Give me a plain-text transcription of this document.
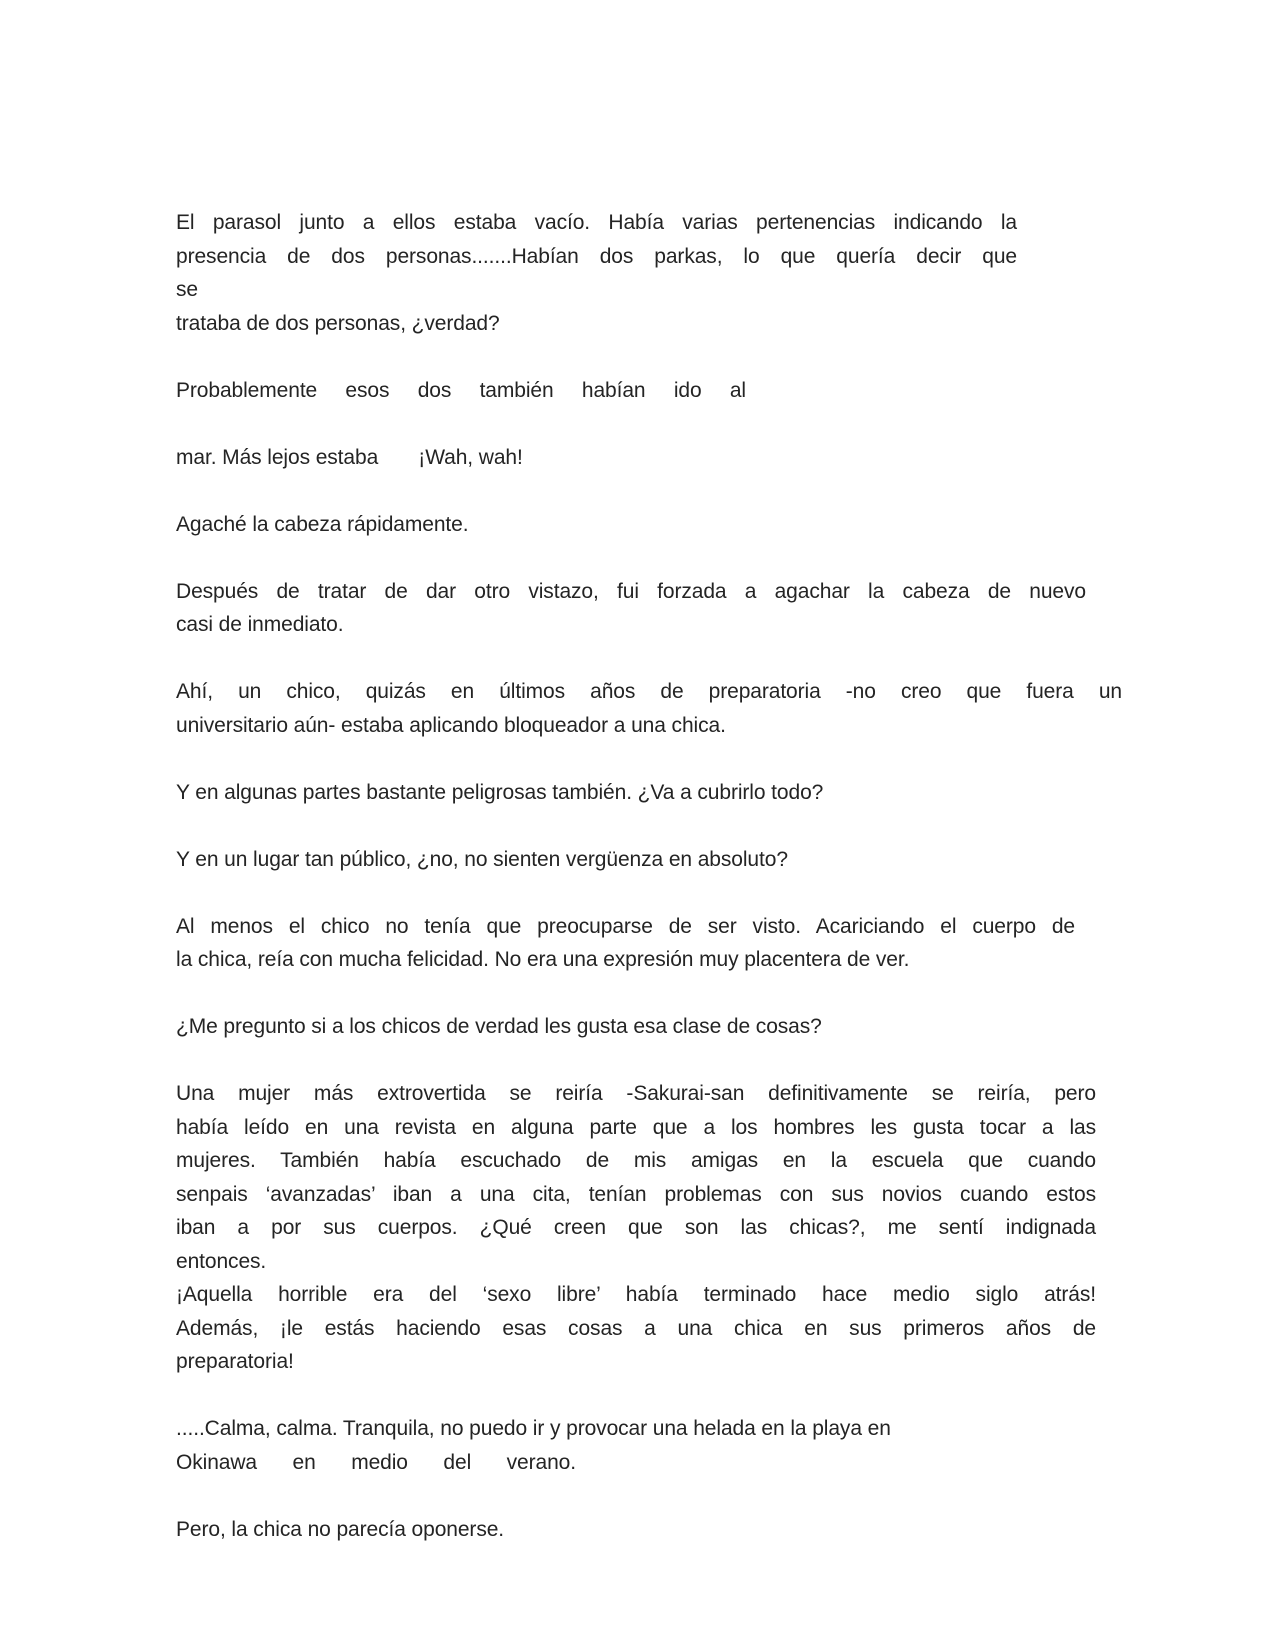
El parasol junto a ellos estaba vacío. Había varias pertenencias indicando la
presencia de dos personas.......Habían dos parkas, lo que quería decir que
se
trataba de dos personas, ¿verdad?
Probablemente esos dos también habían ido al
mar. Más lejos estaba       ¡Wah, wah!
Agaché la cabeza rápidamente.
Después de tratar de dar otro vistazo, fui forzada a agachar la cabeza de nuevo
casi de inmediato.
Ahí, un chico, quizás en últimos años de preparatoria -no creo que fuera un
universitario aún- estaba aplicando bloqueador a una chica.
Y en algunas partes bastante peligrosas también. ¿Va a cubrirlo todo?
Y en un lugar tan público, ¿no, no sienten vergüenza en absoluto?
Al menos el chico no tenía que preocuparse de ser visto. Acariciando el cuerpo de
la chica, reía con mucha felicidad. No era una expresión muy placentera de ver.
¿Me pregunto si a los chicos de verdad les gusta esa clase de cosas?
Una mujer más extrovertida se reiría -Sakurai-san definitivamente se reiría, pero
había leído en una revista en alguna parte que a los hombres les gusta tocar a las
mujeres. También había escuchado de mis amigas en la escuela que cuando
senpais ‘avanzadas’ iban a una cita, tenían problemas con sus novios cuando estos
iban a por sus cuerpos. ¿Qué creen que son las chicas?, me sentí indignada
entonces.
¡Aquella horrible era del ‘sexo libre’ había terminado hace medio siglo atrás!
Además, ¡le estás haciendo esas cosas a una chica en sus primeros años de
preparatoria!
.....Calma, calma. Tranquila, no puedo ir y provocar una helada en la playa en
Okinawa en medio del verano.
Pero, la chica no parecía oponerse.
